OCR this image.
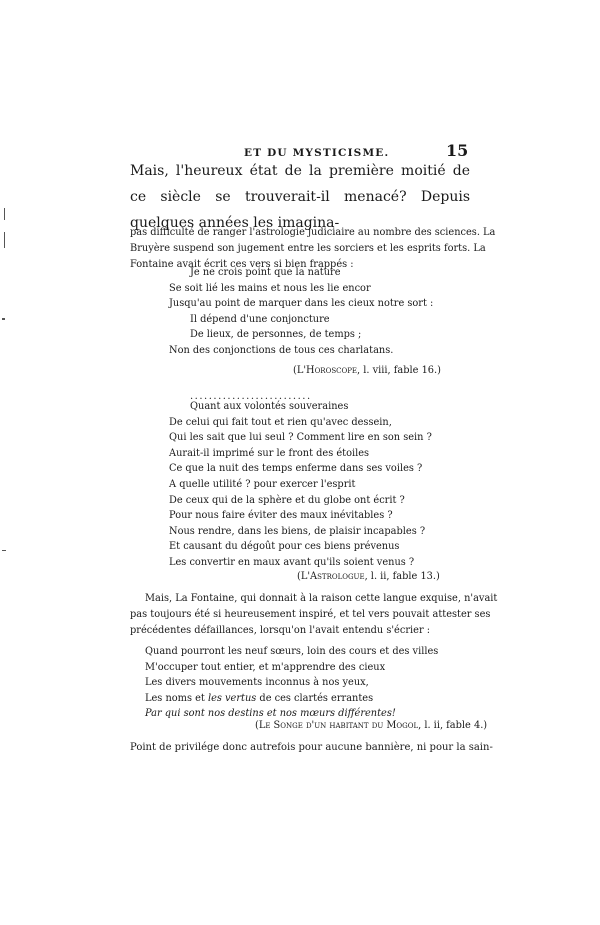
ET DU MYSTICISME.	15

Mais, l'heureux état de la première moitié de ce siècle se trouverait-il menacé? Depuis quelques années les imagina-

pas difficulté de ranger l'astrologie judiciaire au nombre des sciences. La
Bruyère suspend son jugement entre les sorciers et les esprits forts. La
Fontaine avait écrit ces vers si bien frappés :
Je ne crois point que la nature
Se soit lié les mains et nous les lie encor
Jusqu'au point de marquer dans les cieux notre sort :
Il dépend d'une conjoncture
De lieux, de personnes, de temps ;
Non des conjonctions de tous ces charlatans.
(L'Horoscope, l. viii, fable 16.)
..........................
Quant aux volontés souveraines
De celui qui fait tout et rien qu'avec dessein,
Qui les sait que lui seul ? Comment lire en son sein ?
Aurait-il imprimé sur le front des étoiles
Ce que la nuit des temps enferme dans ses voiles ?
A quelle utilité ? pour exercer l'esprit
De ceux qui de la sphère et du globe ont écrit ?
Pour nous faire éviter des maux inévitables ?
Nous rendre, dans les biens, de plaisir incapables ?
Et causant du dégoût pour ces biens prévenus
Les convertir en maux avant qu'ils soient venus ?
(L'Astrologue, l. ii, fable 13.)
Mais, La Fontaine, qui donnait à la raison cette langue exquise, n'avait
pas toujours été si heureusement inspiré, et tel vers pouvait attester ses
précédentes défaillances, lorsqu'on l'avait entendu s'écrier :
Quand pourront les neuf sœurs, loin des cours et des villes
M'occuper tout entier, et m'apprendre des cieux
Les divers mouvements inconnus à nos yeux,
Les noms et les vertus de ces clartés errantes
Par qui sont nos destins et nos mœurs différentes!
(Le Songe d'un habitant du Mogol, l. ii, fable 4.)
Point de privilége donc autrefois pour aucune bannière, ni pour la sain-
